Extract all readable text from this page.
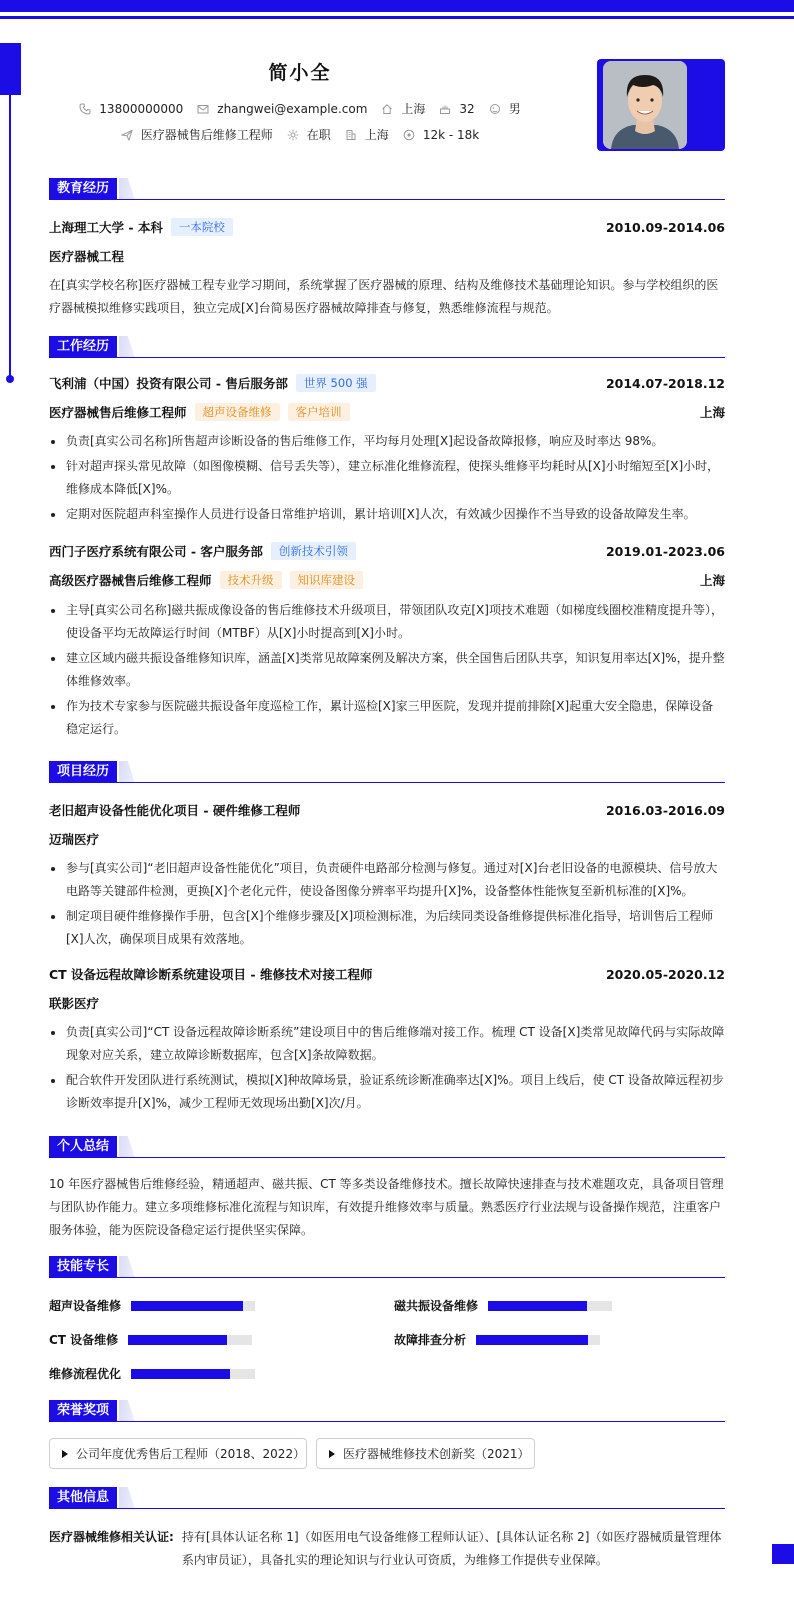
简小全
13800000000	zhangwei@example.com	上海	32	男
医疗器械售后维修工程师	在职	上海	12k - 18k
教育经历
上海理工大学 - 本科	一本院校	2010.09-2014.06
医疗器械工程
在[真实学校名称]医疗器械工程专业学习期间，系统掌握了医疗器械的原理、结构及维修技术基础理论知识。参与学校组织的医疗器械模拟维修实践项目，独立完成[X]台简易医疗器械故障排查与修复，熟悉维修流程与规范。
工作经历
飞利浦（中国）投资有限公司 - 售后服务部	世界 500 强	2014.07-2018.12
医疗器械售后维修工程师	超声设备维修	客户培训	上海
负责[真实公司名称]所售超声诊断设备的售后维修工作，平均每月处理[X]起设备故障报修，响应及时率达 98%。
针对超声探头常见故障（如图像模糊、信号丢失等），建立标准化维修流程，使探头维修平均耗时从[X]小时缩短至[X]小时，维修成本降低[X]%。
定期对医院超声科室操作人员进行设备日常维护培训，累计培训[X]人次，有效减少因操作不当导致的设备故障发生率。
西门子医疗系统有限公司 - 客户服务部	创新技术引领	2019.01-2023.06
高级医疗器械售后维修工程师	技术升级	知识库建设	上海
主导[真实公司名称]磁共振成像设备的售后维修技术升级项目，带领团队攻克[X]项技术难题（如梯度线圈校准精度提升等），使设备平均无故障运行时间（MTBF）从[X]小时提高到[X]小时。
建立区域内磁共振设备维修知识库，涵盖[X]类常见故障案例及解决方案，供全国售后团队共享，知识复用率达[X]%，提升整体维修效率。
作为技术专家参与医院磁共振设备年度巡检工作，累计巡检[X]家三甲医院，发现并提前排除[X]起重大安全隐患，保障设备稳定运行。
项目经历
老旧超声设备性能优化项目 - 硬件维修工程师	2016.03-2016.09
迈瑞医疗
参与[真实公司]“老旧超声设备性能优化”项目，负责硬件电路部分检测与修复。通过对[X]台老旧设备的电源模块、信号放大电路等关键部件检测，更换[X]个老化元件，使设备图像分辨率平均提升[X]%，设备整体性能恢复至新机标准的[X]%。
制定项目硬件维修操作手册，包含[X]个维修步骤及[X]项检测标准，为后续同类设备维修提供标准化指导，培训售后工程师[X]人次，确保项目成果有效落地。
CT 设备远程故障诊断系统建设项目 - 维修技术对接工程师	2020.05-2020.12
联影医疗
负责[真实公司]“CT 设备远程故障诊断系统”建设项目中的售后维修端对接工作。梳理 CT 设备[X]类常见故障代码与实际故障现象对应关系，建立故障诊断数据库，包含[X]条故障数据。
配合软件开发团队进行系统测试，模拟[X]种故障场景，验证系统诊断准确率达[X]%。项目上线后，使 CT 设备故障远程初步诊断效率提升[X]%，减少工程师无效现场出勤[X]次/月。
个人总结
10 年医疗器械售后维修经验，精通超声、磁共振、CT 等多类设备维修技术。擅长故障快速排查与技术难题攻克，具备项目管理与团队协作能力。建立多项维修标准化流程与知识库，有效提升维修效率与质量。熟悉医疗行业法规与设备操作规范，注重客户服务体验，能为医院设备稳定运行提供坚实保障。
技能专长
超声设备维修	磁共振设备维修
CT 设备维修	故障排查分析
维修流程优化
荣誉奖项
公司年度优秀售后工程师（2018、2022）	医疗器械维修技术创新奖（2021）
其他信息
医疗器械维修相关认证: 持有[具体认证名称 1]（如医用电气设备维修工程师认证）、[具体认证名称 2]（如医疗器械质量管理体系内审员证），具备扎实的理论知识与行业认可资质，为维修工作提供专业保障。
